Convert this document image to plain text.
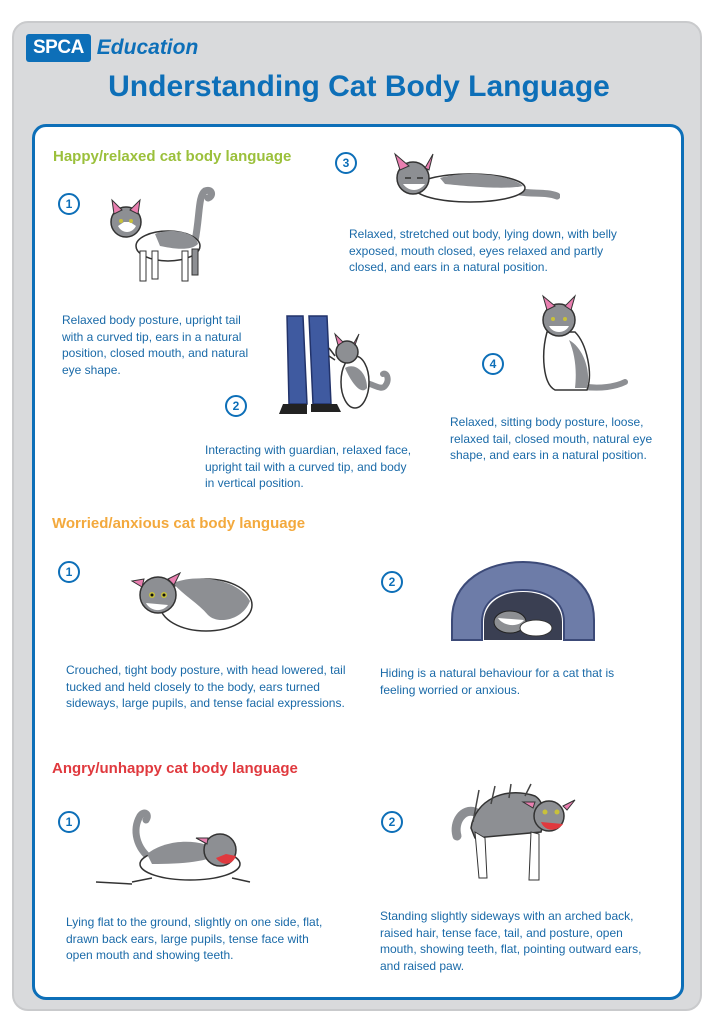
SPCA Education
Understanding Cat Body Language
Happy/relaxed cat body language
1
Relaxed body posture, upright tail with a curved tip, ears in a natural position, closed mouth, and natural eye shape.
2
Interacting with guardian, relaxed face, upright tail with a curved tip, and body in vertical position.
3
Relaxed, stretched out body, lying down, with belly exposed, mouth closed, eyes relaxed and partly closed, and ears in a natural position.
4
Relaxed, sitting body posture, loose, relaxed tail, closed mouth, natural eye shape, and ears in a natural position.
Worried/anxious cat body language
1
Crouched, tight body posture, with head lowered, tail tucked and held closely to the body, ears turned sideways, large pupils, and tense facial expressions.
2
Hiding is a natural behaviour for a cat that is feeling worried or anxious.
Angry/unhappy cat body language
1
Lying flat to the ground, slightly on one side, flat, drawn back ears, large pupils, tense face with open mouth and showing teeth.
2
Standing slightly sideways with an arched back, raised hair, tense face, tail, and posture, open mouth, showing teeth, flat, pointing outward ears, and raised paw.
